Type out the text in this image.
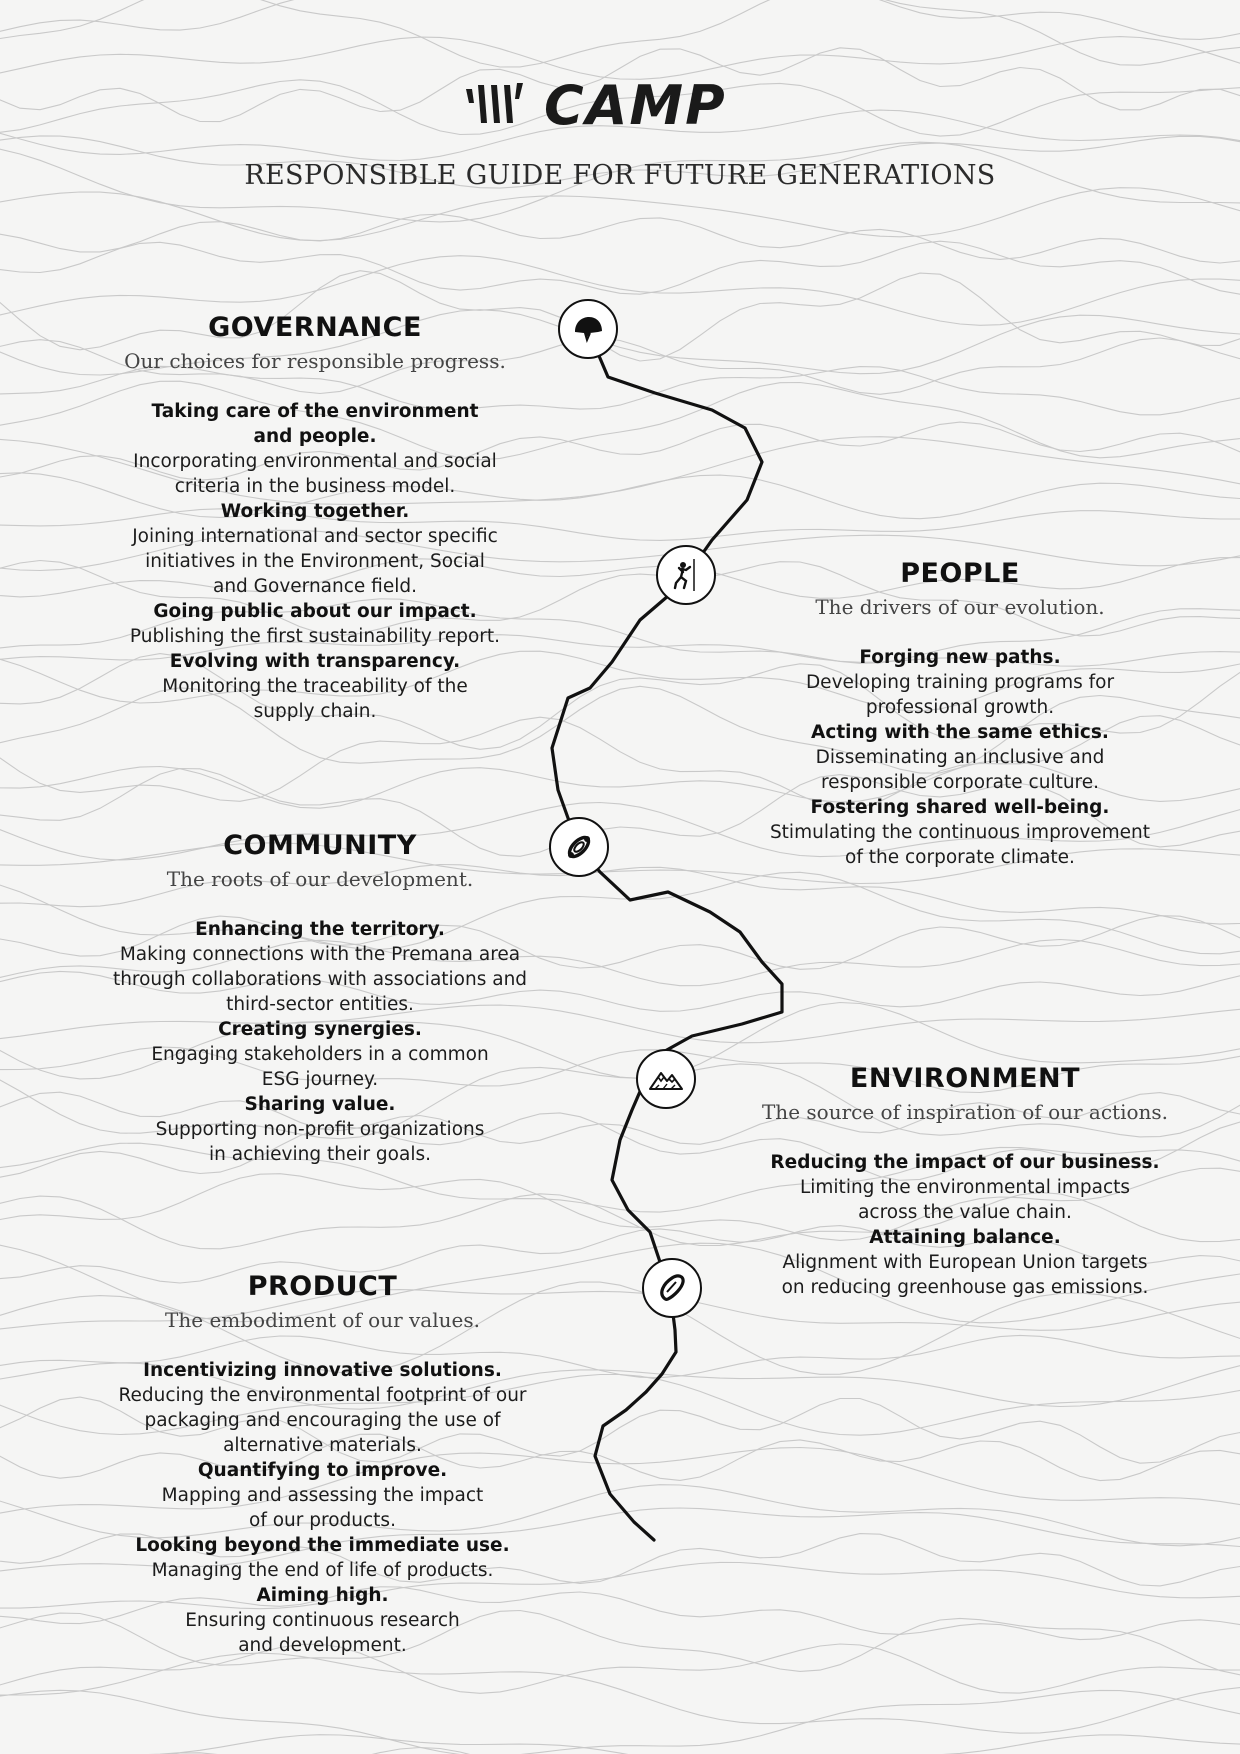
CAMP
RESPONSIBLE GUIDE FOR FUTURE GENERATIONS
GOVERNANCE
Our choices for responsible progress.
Taking care of the environment
and people.
Incorporating environmental and social
criteria in the business model.
Working together.
Joining international and sector specific
initiatives in the Environment, Social
and Governance field.
Going public about our impact.
Publishing the first sustainability report.
Evolving with transparency.
Monitoring the traceability of the
supply chain.
PEOPLE
The drivers of our evolution.
Forging new paths.
Developing training programs for
professional growth.
Acting with the same ethics.
Disseminating an inclusive and
responsible corporate culture.
Fostering shared well-being.
Stimulating the continuous improvement
of the corporate climate.
COMMUNITY
The roots of our development.
Enhancing the territory.
Making connections with the Premana area
through collaborations with associations and
third-sector entities.
Creating synergies.
Engaging stakeholders in a common
ESG journey.
Sharing value.
Supporting non-profit organizations
in achieving their goals.
ENVIRONMENT
The source of inspiration of our actions.
Reducing the impact of our business.
Limiting the environmental impacts
across the value chain.
Attaining balance.
Alignment with European Union targets
on reducing greenhouse gas emissions.
PRODUCT
The embodiment of our values.
Incentivizing innovative solutions.
Reducing the environmental footprint of our
packaging and encouraging the use of
alternative materials.
Quantifying to improve.
Mapping and assessing the impact
of our products.
Looking beyond the immediate use.
Managing the end of life of products.
Aiming high.
Ensuring continuous research
and development.
